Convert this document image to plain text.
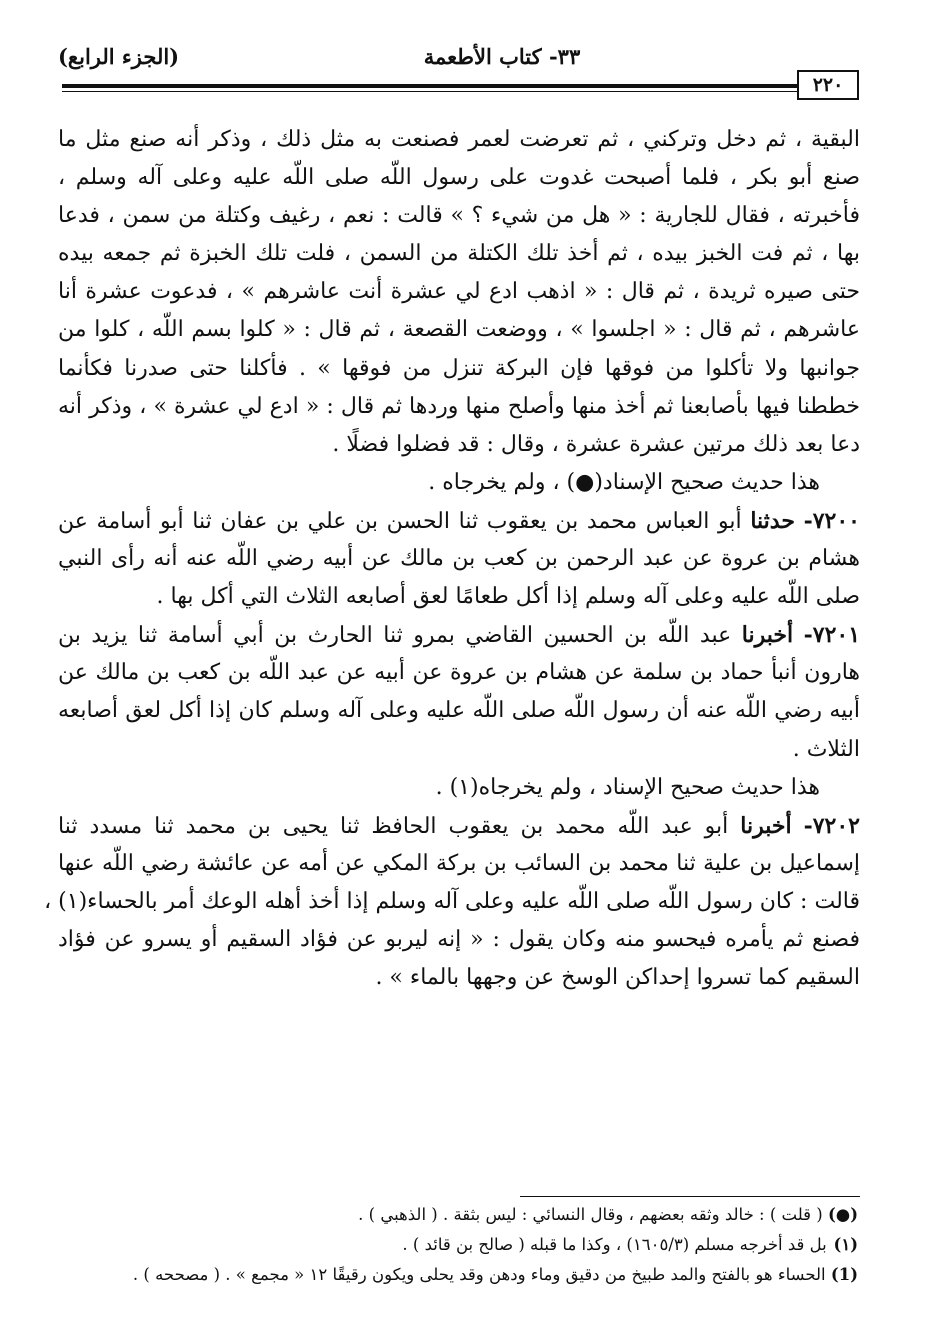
(الجزء الرابع)	٣٣- كتاب الأطعمة
٢٢٠
البقية ، ثم دخل وتركني ، ثم تعرضت لعمر فصنعت به مثل ذلك ، وذكر أنه صنع مثل ما
صنع أبو بكر ، فلما أصبحت غدوت على رسول اللّه صلى اللّه عليه وعلى آله وسلم ،
فأخبرته ، فقال للجارية : « هل من شيء ؟ » قالت : نعم ، رغيف وكتلة من سمن ، فدعا
بها ، ثم فت الخبز بيده ، ثم أخذ تلك الكتلة من السمن ، فلت تلك الخبزة ثم جمعه بيده
حتى صيره ثريدة ، ثم قال : « اذهب ادع لي عشرة أنت عاشرهم » ، فدعوت عشرة أنا
عاشرهم ، ثم قال : « اجلسوا » ، ووضعت القصعة ، ثم قال : « كلوا بسم اللّه ، كلوا من
جوانبها ولا تأكلوا من فوقها فإن البركة تنزل من فوقها » . فأكلنا حتى صدرنا فكأنما
خططنا فيها بأصابعنا ثم أخذ منها وأصلح منها وردها ثم قال : « ادع لي عشرة » ، وذكر أنه
دعا بعد ذلك مرتين عشرة عشرة ، وقال : قد فضلوا فضلًا .
هذا حديث صحيح الإسناد(●) ، ولم يخرجاه .
٧٢٠٠- حدثنا أبو العباس محمد بن يعقوب ثنا الحسن بن علي بن عفان ثنا أبو أسامة عن
هشام بن عروة عن عبد الرحمن بن كعب بن مالك عن أبيه رضي اللّه عنه أنه رأى النبي
صلى اللّه عليه وعلى آله وسلم إذا أكل طعامًا لعق أصابعه الثلاث التي أكل بها .
٧٢٠١- أخبرنا عبد اللّه بن الحسين القاضي بمرو ثنا الحارث بن أبي أسامة ثنا يزيد بن
هارون أنبأ حماد بن سلمة عن هشام بن عروة عن أبيه عن عبد اللّه بن كعب بن مالك عن
أبيه رضي اللّه عنه أن رسول اللّه صلى اللّه عليه وعلى آله وسلم كان إذا أكل لعق أصابعه
الثلاث .
هذا حديث صحيح الإسناد ، ولم يخرجاه(١) .
٧٢٠٢- أخبرنا أبو عبد اللّه محمد بن يعقوب الحافظ ثنا يحيى بن محمد ثنا مسدد ثنا
إسماعيل بن علية ثنا محمد بن السائب بن بركة المكي عن أمه عن عائشة رضي اللّه عنها
قالت : كان رسول اللّه صلى اللّه عليه وعلى آله وسلم إذا أخذ أهله الوعك أمر بالحساء(١) ،
فصنع ثم يأمره فيحسو منه وكان يقول : « إنه ليربو عن فؤاد السقيم أو يسرو عن فؤاد
السقيم كما تسروا إحداكن الوسخ عن وجهها بالماء » .
(●) ( قلت ) : خالد وثقه بعضهم ، وقال النسائي : ليس بثقة . ( الذهبي ) .
(١) بل قد أخرجه مسلم (١٦٠٥/٣) ، وكذا ما قبله ( صالح بن قائد ) .
(1) الحساء هو بالفتح والمد طبيخ من دقيق وماء ودهن وقد يحلى ويكون رقيقًا ١٢ « مجمع » . ( مصححه ) .
